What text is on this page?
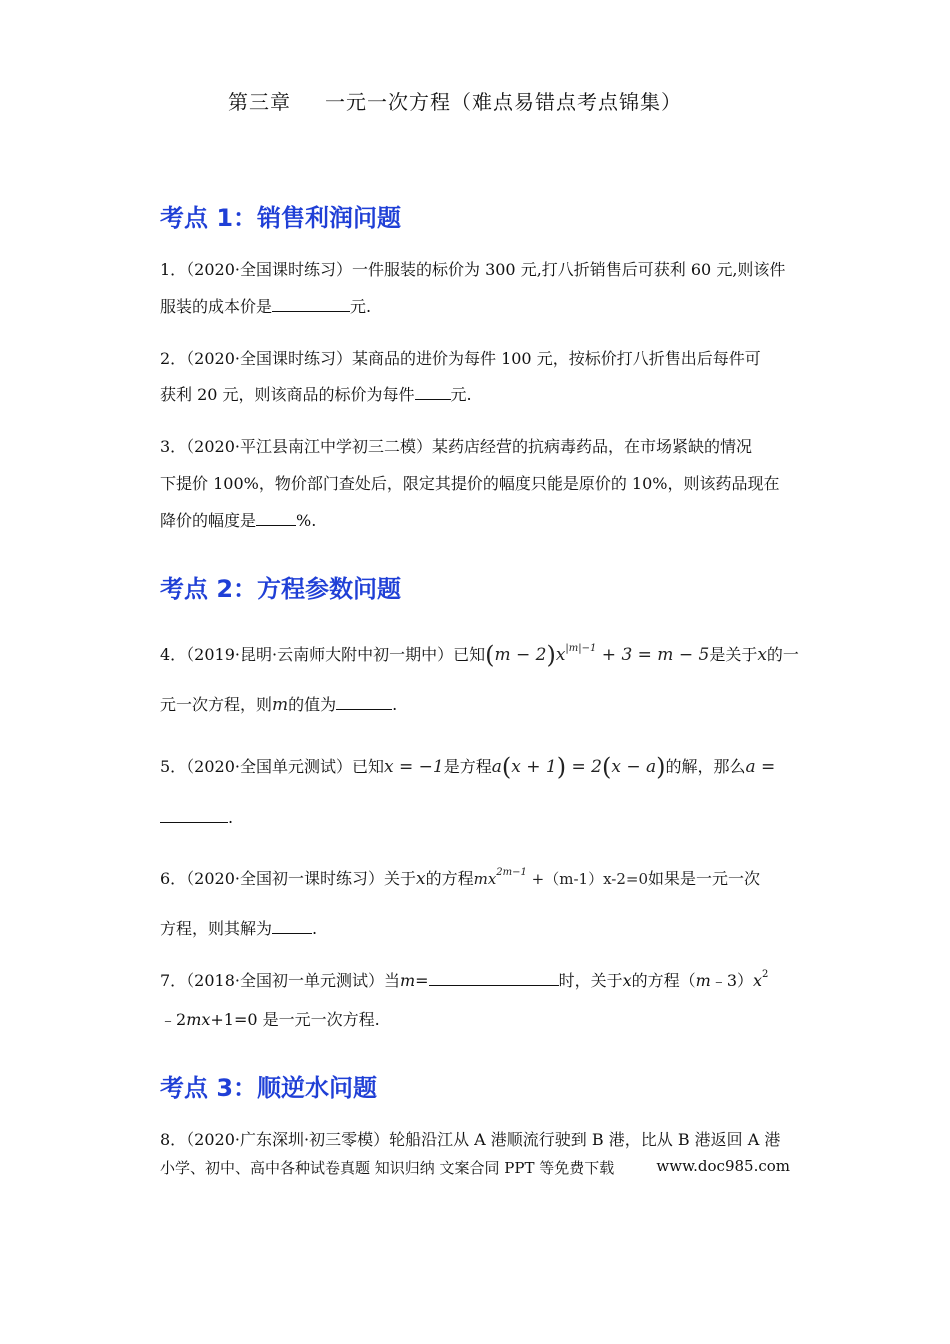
第三章 一元一次方程（难点易错点考点锦集）
考点 1：销售利润问题
1．（2020·全国课时练习）一件服装的标价为 300 元,打八折销售后可获利 60 元,则该件
服装的成本价是	元.
2．（2020·全国课时练习）某商品的进价为每件 100 元，按标价打八折售出后每件可
获利 20 元，则该商品的标价为每件 元.
3．（2020·平江县南江中学初三二模）某药店经营的抗病毒药品，在市场紧缺的情况
下提价 100%，物价部门查处后，限定其提价的幅度只能是原价的 10%，则该药品现在
降价的幅度是	%.
考点 2：方程参数问题
4．（2019·昆明·云南师大附中初一期中）已知$(m - 2)x^{|m|-1} + 3 = m - 5$是关于x的一
元一次方程，则m的值为	.
5．（2020·全国单元测试）已知x = −1是方程a(x + 1) = 2(x − a)的解，那么a =
.
6．（2020·全国初一课时练习）关于x的方程$mx^{2m-1} +(m-1)x-2=0$如果是一元一次
方程，则其解为	.
7．（2018·全国初一单元测试）当m=	时，关于x的方程$(m﹣3)x^2$
﹣2mx+1=0 是一元一次方程.
考点 3：顺逆水问题
8．（2020·广东深圳·初三零模）轮船沿江从 A 港顺流行驶到 B 港，比从 B 港返回 A 港
小学、初中、高中各种试卷真题 知识归纳 文案合同 PPT 等免费下载	www.doc985.com
